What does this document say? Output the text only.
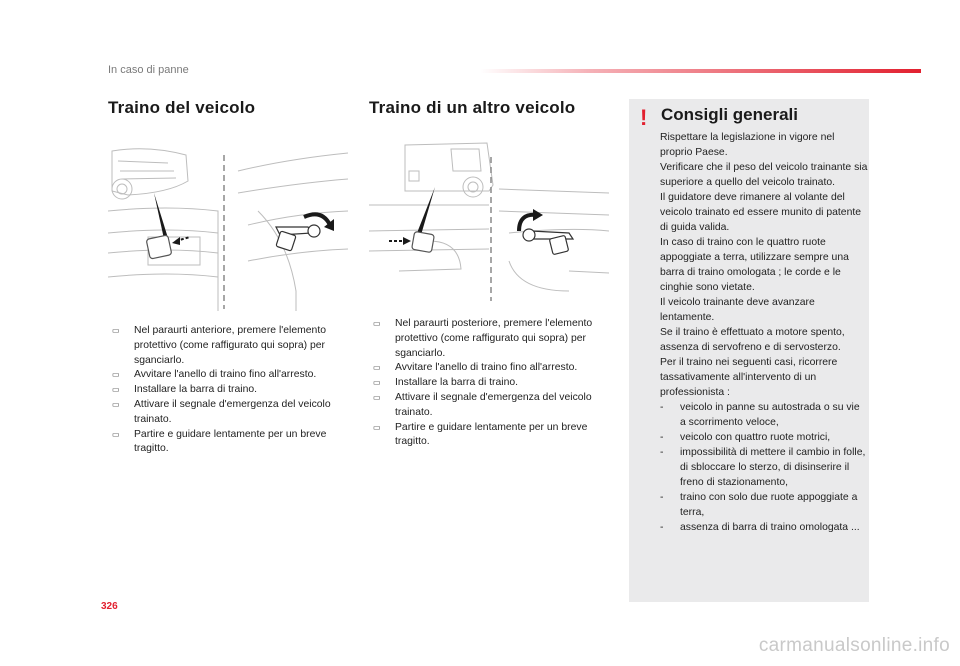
In caso di panne
Traino del veicolo
▭ Nel paraurti anteriore, premere l'elemento protettivo (come raffigurato qui sopra) per sganciarlo.
▭ Avvitare l'anello di traino fino all'arresto.
▭ Installare la barra di traino.
▭ Attivare il segnale d'emergenza del veicolo trainato.
▭ Partire e guidare lentamente per un breve tragitto.
Traino di un altro veicolo
▭ Nel paraurti posteriore, premere l'elemento protettivo (come raffigurato qui sopra) per sganciarlo.
▭ Avvitare l'anello di traino fino all'arresto.
▭ Installare la barra di traino.
▭ Attivare il segnale d'emergenza del veicolo trainato.
▭ Partire e guidare lentamente per un breve tragitto.
! Consigli generali

Rispettare la legislazione in vigore nel proprio Paese.

Verificare che il peso del veicolo trainante sia superiore a quello del veicolo trainato.

Il guidatore deve rimanere al volante del veicolo trainato ed essere munito di patente di guida valida.

In caso di traino con le quattro ruote appoggiate a terra, utilizzare sempre una barra di traino omologata ; le corde e le cinghie sono vietate.

Il veicolo trainante deve avanzare lentamente.

Se il traino è effettuato a motore spento, assenza di servofreno e di servosterzo.

Per il traino nei seguenti casi, ricorrere tassativamente all'intervento di un professionista :

- veicolo in panne su autostrada o su vie a scorrimento veloce,
- veicolo con quattro ruote motrici,
- impossibilità di mettere il cambio in folle, di sbloccare lo sterzo, di disinserire il freno di stazionamento,
- traino con solo due ruote appoggiate a terra,
- assenza di barra di traino omologata ...
326
carmanualsonline.info
